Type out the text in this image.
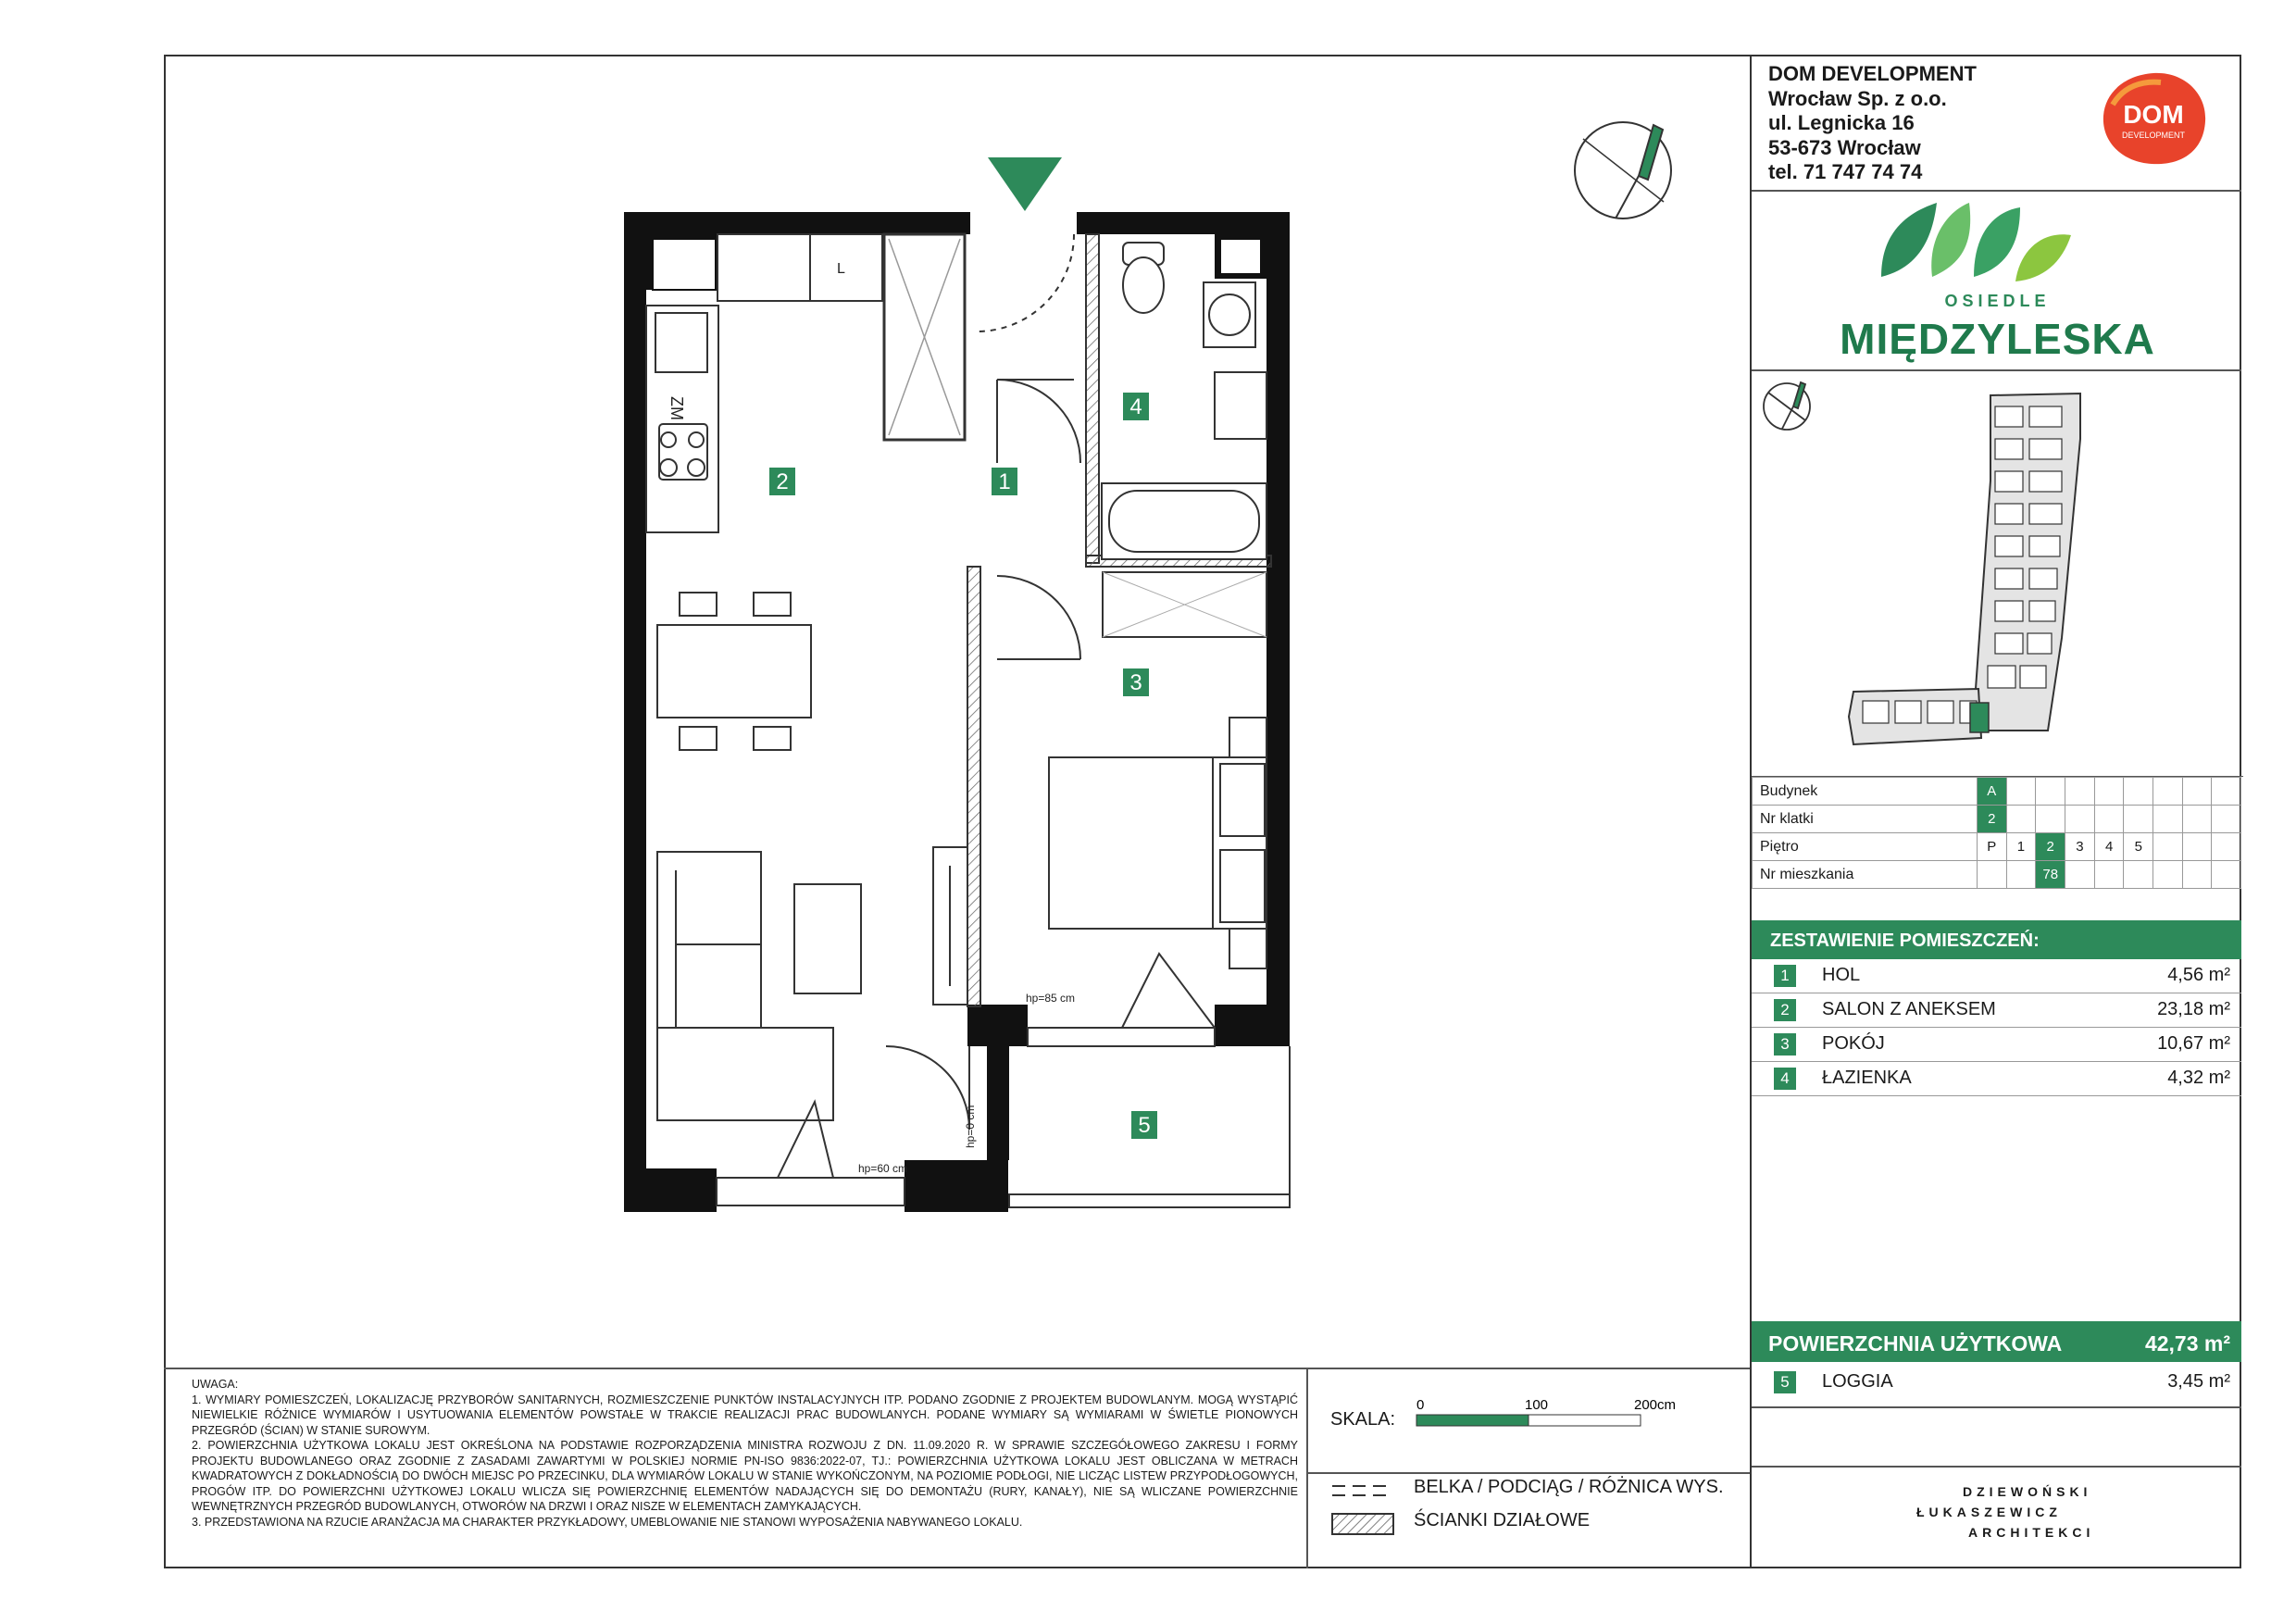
1
2
3
4
5
hp=85 cm
hp=60 cm
hp=0 cm
ZM
L
DOM DEVELOPMENT
Wrocław Sp. z o.o.
ul. Legnicka 16
53-673 Wrocław
tel. 71 747 74 74
DOM
DEVELOPMENT
OSIEDLE
MIĘDZYLESKA
Budynek	A								
Nr klatki	2								
Piętro	P	1	2	3	4	5			
Nr mieszkania			78						
ZESTAWIENIE POMIESZCZEŃ:
1	HOL	4,56 m²
2	SALON Z ANEKSEM	23,18 m²
3	POKÓJ	10,67 m²
4	ŁAZIENKA	4,32 m²
POWIERZCHNIA UŻYTKOWA	42,73 m²
5	LOGGIA	3,45 m²

UWAGA:

1. WYMIARY POMIESZCZEŃ, LOKALIZACJĘ PRZYBORÓW SANITARNYCH, ROZMIESZCZENIE PUNKTÓW INSTALACYJNYCH ITP. PODANO ZGODNIE Z PROJEKTEM BUDOWLANYM. MOGĄ WYSTĄPIĆ NIEWIELKIE RÓŻNICE WYMIARÓW I USYTUOWANIA ELEMENTÓW POWSTAŁE W TRAKCIE REALIZACJI PRAC BUDOWLANYCH. PODANE WYMIARY SĄ WYMIARAMI W ŚWIETLE PIONOWYCH PRZEGRÓD (ŚCIAN) W STANIE SUROWYM.

2. POWIERZCHNIA UŻYTKOWA LOKALU JEST OKREŚLONA NA PODSTAWIE ROZPORZĄDZENIA MINISTRA ROZWOJU Z DN. 11.09.2020 R. W SPRAWIE SZCZEGÓŁOWEGO ZAKRESU I FORMY PROJEKTU BUDOWLANEGO ORAZ ZGODNIE Z ZASADAMI ZAWARTYMI W POLSKIEJ NORMIE PN-ISO 9836:2022-07, TJ.: POWIERZCHNIA UŻYTKOWA LOKALU JEST OBLICZANA W METRACH KWADRATOWYCH Z DOKŁADNOŚCIĄ DO DWÓCH MIEJSC PO PRZECINKU, DLA WYMIARÓW LOKALU W STANIE WYKOŃCZONYM, NA POZIOMIE PODŁOGI, NIE LICZĄC LISTEW PRZYPODŁOGOWYCH, PROGÓW ITP. DO POWIERZCHNI UŻYTKOWEJ LOKALU WLICZA SIĘ POWIERZCHNIĘ ELEMENTÓW NADAJĄCYCH SIĘ DO DEMONTAŻU (RURY, KANAŁY), NIE SĄ WLICZANE POWIERZCHNIE WEWNĘTRZNYCH PRZEGRÓD BUDOWLANYCH, OTWORÓW NA DRZWI I ORAZ NISZE W ELEMENTACH ZAMYKAJĄCYCH.

3. PRZEDSTAWIONA NA RZUCIE ARANŻACJA MA CHARAKTER PRZYKŁADOWY, UMEBLOWANIE NIE STANOWI WYPOSAŻENIA NABYWANEGO LOKALU.

SKALA:
0	100	200cm
BELKA / PODCIĄG / RÓŻNICA WYS.
ŚCIANKI DZIAŁOWE
DZIEWOŃSKI
ŁUKASZEWICZ
ARCHITEKCI
